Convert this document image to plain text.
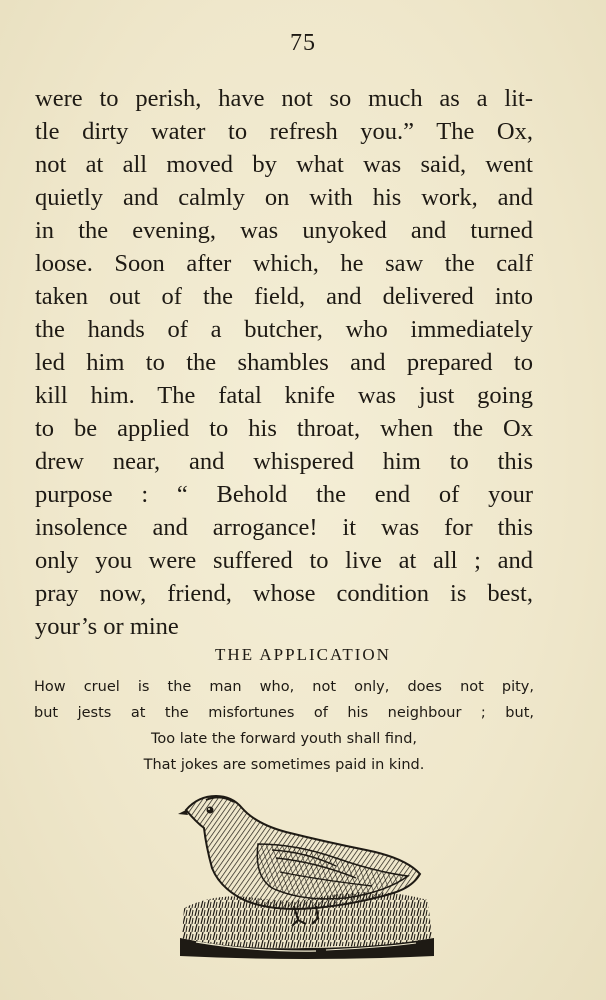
75
were to perish, have not so much as a lit-
tle dirty water to refresh you.” The Ox,
not at all moved by what was said, went
quietly and calmly on with his work, and
in the evening, was unyoked and turned
loose. Soon after which, he saw the calf
taken out of the field, and delivered into
the hands of a butcher, who immediately
led him to the shambles and prepared to
kill him. The fatal knife was just going
to be applied to his throat, when the Ox
drew near, and whispered him to this
purpose : “ Behold the end of your
insolence and arrogance! it was for this
only you were suffered to live at all ; and
pray now, friend, whose condition is best,
your’s or mine
THE APPLICATION
How cruel is the man who, not only, does not pity,
but jests at the misfortunes of his neighbour ; but,
Too late the forward youth shall find,
That jokes are sometimes paid in kind.
